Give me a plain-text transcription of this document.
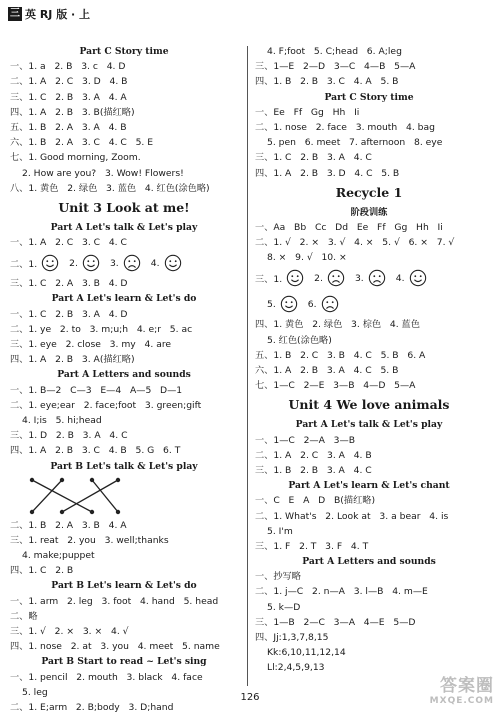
三 英 RJ 版 · 上
Part C Story time
一、1. a   2. B   3. c   4. D
二、1. A   2. C   3. D   4. B
三、1. C   2. B   3. A   4. A
四、1. A   2. B   3. B(描红略)
五、1. B   2. A   3. A   4. B
六、1. B   2. A   3. C   4. C   5. E
七、1. Good morning, Zoom.
2. How are you?   3. Wow! Flowers!
八、1. 黄色   2. 绿色   3. 蓝色   4. 红色(涂色略)
Unit 3 Look at me!
Part A Let's talk & Let's play
一、1. A   2. C   3. C   4. C
二、1.	2.	3.	4.
三、1. C   2. A   3. B   4. D
Part A Let's learn & Let's do
一、1. C   2. B   3. A   4. D
二、1. ye   2. to   3. m;u;h   4. e;r   5. ac
三、1. eye   2. close   3. my   4. are
四、1. A   2. B   3. A(描红略)
Part A Letters and sounds
一、1. B—2   C—3   E—4   A—5   D—1
二、1. eye;ear   2. face;foot   3. green;gift
4. I;is   5. hi;head
三、1. D   2. B   3. A   4. C
四、1. A   2. B   3. C   4. B   5. G   6. T
Part B Let's talk & Let's play
二、1. B   2. A   3. B   4. A
三、1. reat   2. you   3. well;thanks
4. make;puppet
四、1. C   2. B
Part B Let's learn & Let's do
一、1. arm   2. leg   3. foot   4. hand   5. head
二、略
三、1. √   2. ×   3. ×   4. √
四、1. nose   2. at   3. you   4. meet   5. name
Part B Start to read ~ Let's sing
一、1. pencil   2. mouth   3. black   4. face
5. leg
二、1. E;arm   2. B;body   3. D;hand
4. F;foot   5. C;head   6. A;leg
三、1—E   2—D   3—C   4—B   5—A
四、1. B   2. B   3. C   4. A   5. B
Part C Story time
一、Ee   Ff   Gg   Hh   Ii
二、1. nose   2. face   3. mouth   4. bag
5. pen   6. meet   7. afternoon   8. eye
三、1. C   2. B   3. A   4. C
四、1. A   2. B   3. D   4. C   5. B
Recycle 1
阶段训练
一、Aa   Bb   Cc   Dd   Ee   Ff   Gg   Hh   Ii
二、1. √   2. ×   3. √   4. ×   5. √   6. ×   7. √
8. ×   9. √   10. ×
三、1.	2.	3.	4.
5.	6.
四、1. 黄色   2. 绿色   3. 棕色   4. 蓝色
5. 红色(涂色略)
五、1. B   2. C   3. B   4. C   5. B   6. A
六、1. A   2. B   3. A   4. C   5. B
七、1—C   2—E   3—B   4—D   5—A
Unit 4 We love animals
Part A Let's talk & Let's play
一、1—C   2—A   3—B
二、1. A   2. C   3. A   4. B
三、1. B   2. B   3. A   4. C
Part A Let's learn & Let's chant
一、C   E   A   D   B(描红略)
二、1. What's   2. Look at   3. a bear   4. is
5. I'm
三、1. F   2. T   3. F   4. T
Part A Letters and sounds
一、抄写略
二、1. j—C   2. n—A   3. l—B   4. m—E
5. k—D
三、1—B   2—C   3—A   4—E   5—D
四、Jj:1,3,7,8,15
Kk:6,10,11,12,14
Ll:2,4,5,9,13
126
答案圈
MXQE.COM
